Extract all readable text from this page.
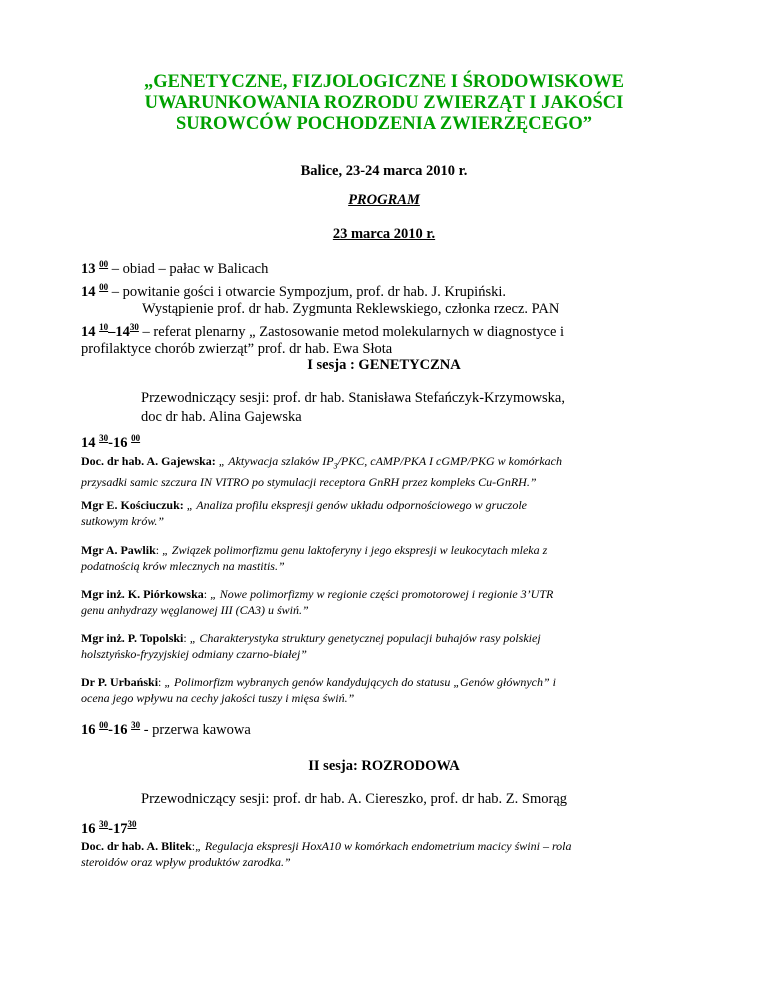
„GENETYCZNE, FIZJOLOGICZNE I ŚRODOWISKOWE
UWARUNKOWANIA ROZRODU ZWIERZĄT I JAKOŚCI
SUROWCÓW POCHODZENIA ZWIERZĘCEGO”
Balice, 23-24 marca 2010 r.
PROGRAM
23 marca 2010 r.
13 $^{00}$ – obiad – pałac w Balicach
14 $^{00}$ – powitanie gości i otwarcie Sympozjum, prof. dr hab. J. Krupiński.
Wystąpienie prof. dr hab. Zygmunta Reklewskiego, członka rzecz. PAN
14 $^{10}-14^{30}$ – referat plenarny „ Zastosowanie metod molekularnych w diagnostyce i
profilaktyce chorób zwierząt” prof. dr hab. Ewa Słota
I sesja : GENETYCZNA
Przewodniczący sesji: prof. dr hab. Stanisława Stefańczyk-Krzymowska,
doc dr hab. Alina Gajewska
14 $^{30}$-16 $^{00}$
Doc. dr hab. A. Gajewska: „ Aktywacja szlaków $IP_3$/PKC, cAMP/PKA I cGMP/PKG w komórkach
przysadki samic szczura IN VITRO po stymulacji receptora GnRH przez kompleks Cu-GnRH.”
Mgr E. Kościuczuk: „ Analiza profilu ekspresji genów układu odpornościowego w gruczole
sutkowym krów.”
Mgr A. Pawlik: „ Związek polimorfizmu genu laktoferyny i jego ekspresji w leukocytach mleka z
podatnością krów mlecznych na mastitis.”
Mgr inż. K. Piórkowska: „ Nowe polimorfizmy w regionie części promotorowej i regionie 3’UTR
genu anhydrazy węglanowej III (CA3) u świń.”
Mgr inż. P. Topolski: „ Charakterystyka struktury genetycznej populacji buhajów rasy polskiej
holsztyńsko-fryzyjskiej odmiany czarno-białej”
Dr P. Urbański: „ Polimorfizm wybranych genów kandydujących do statusu „Genów głównych” i
ocena jego wpływu na cechy jakości tuszy i mięsa świń.”
16 $^{00}$-16 $^{30}$ - przerwa kawowa
II sesja: ROZRODOWA
Przewodniczący sesji: prof. dr hab. A. Ciereszko, prof. dr hab. Z. Smorąg
16 $^{30}-17^{30}$
Doc. dr hab. A. Blitek:„ Regulacja ekspresji HoxA10 w komórkach endometrium macicy świni – rola
steroidów oraz wpływ produktów zarodka.”
